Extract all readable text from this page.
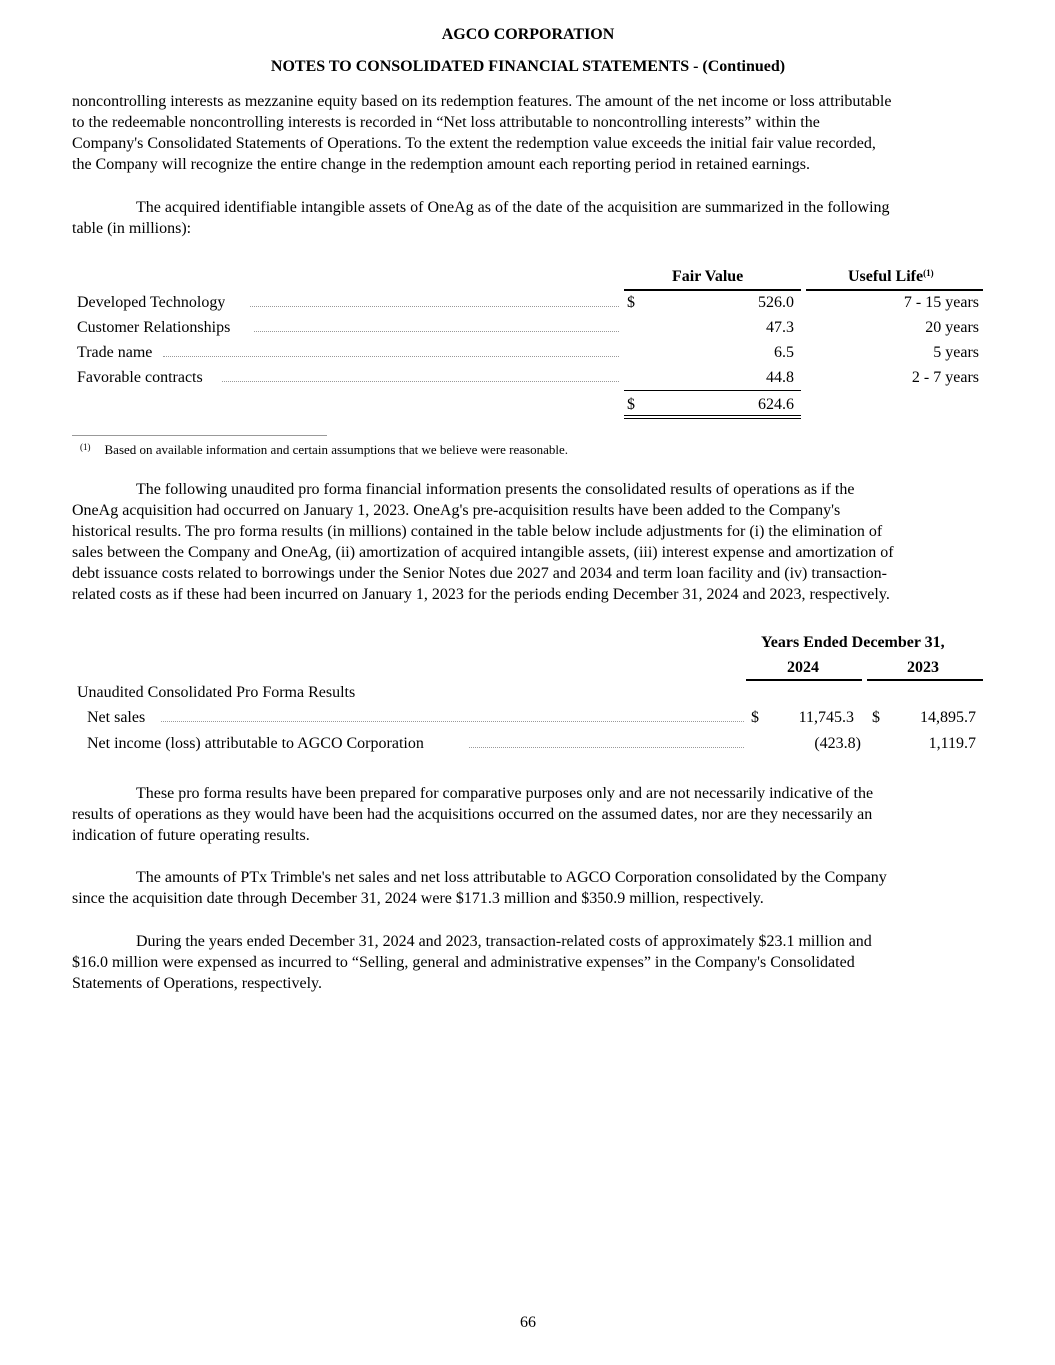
AGCO CORPORATION
NOTES TO CONSOLIDATED FINANCIAL STATEMENTS - (Continued)

noncontrolling interests as mezzanine equity based on its redemption features. The amount of the net income or loss attributable
to the redeemable noncontrolling interests is recorded in “Net loss attributable to noncontrolling interests” within the
Company's Consolidated Statements of Operations. To the extent the redemption value exceeds the initial fair value recorded,
the Company will recognize the entire change in the redemption amount each reporting period in retained earnings.

The acquired identifiable intangible assets of OneAg as of the date of the acquisition are summarized in the following
table (in millions):

Fair Value	Useful Life$^{(1)}$
Developed Technology	$	526.0	7 - 15 years
Customer Relationships	47.3	20 years
Trade name	6.5	5 years
Favorable contracts	44.8	2 - 7 years
$	624.6
$^{(1)}$ Based on available information and certain assumptions that we believe were reasonable.

The following unaudited pro forma financial information presents the consolidated results of operations as if the
OneAg acquisition had occurred on January 1, 2023. OneAg's pre-acquisition results have been added to the Company's
historical results. The pro forma results (in millions) contained in the table below include adjustments for (i) the elimination of
sales between the Company and OneAg, (ii) amortization of acquired intangible assets, (iii) interest expense and amortization of
debt issuance costs related to borrowings under the Senior Notes due 2027 and 2034 and term loan facility and (iv) transaction-
related costs as if these had been incurred on January 1, 2023 for the periods ending December 31, 2024 and 2023, respectively.

Years Ended December 31,
2024	2023
Unaudited Consolidated Pro Forma Results
Net sales	$	11,745.3 $	14,895.7
Net income (loss) attributable to AGCO Corporation	(423.8)	1,119.7

These pro forma results have been prepared for comparative purposes only and are not necessarily indicative of the
results of operations as they would have been had the acquisitions occurred on the assumed dates, nor are they necessarily an
indication of future operating results.

The amounts of PTx Trimble's net sales and net loss attributable to AGCO Corporation consolidated by the Company
since the acquisition date through December 31, 2024 were $171.3 million and $350.9 million, respectively.

During the years ended December 31, 2024 and 2023, transaction-related costs of approximately $23.1 million and
$16.0 million were expensed as incurred to “Selling, general and administrative expenses” in the Company's Consolidated
Statements of Operations, respectively.

66
